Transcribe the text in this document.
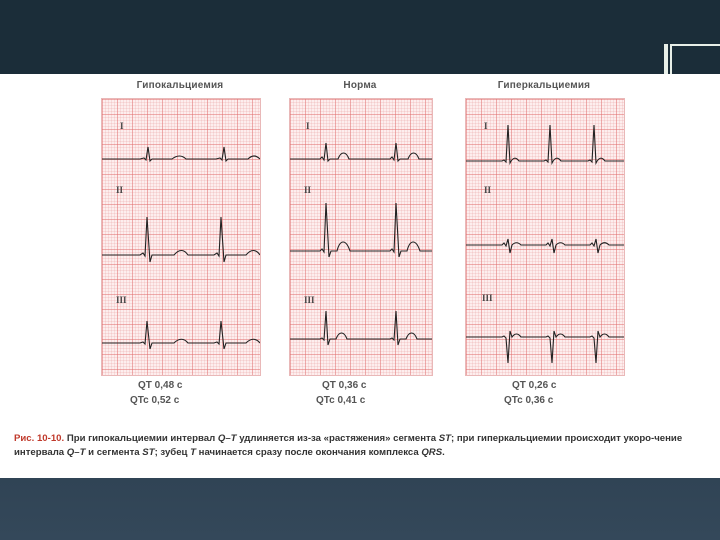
Гипокальциемия	Норма	Гиперкальциемия
I
II
III
I
II
III
I
II
III
QT 0,48 с
QTc 0,52 с
QT 0,36 с
QTc 0,41 с
QT 0,26 с
QTc 0,36 с
Рис. 10-10. При гипокальциемии интервал Q–T удлиняется из-за «растяжения» сегмента ST; при гиперкальциемии происходит укоро-чение интервала Q–T и сегмента ST; зубец T начинается сразу после окончания комплекса QRS.
